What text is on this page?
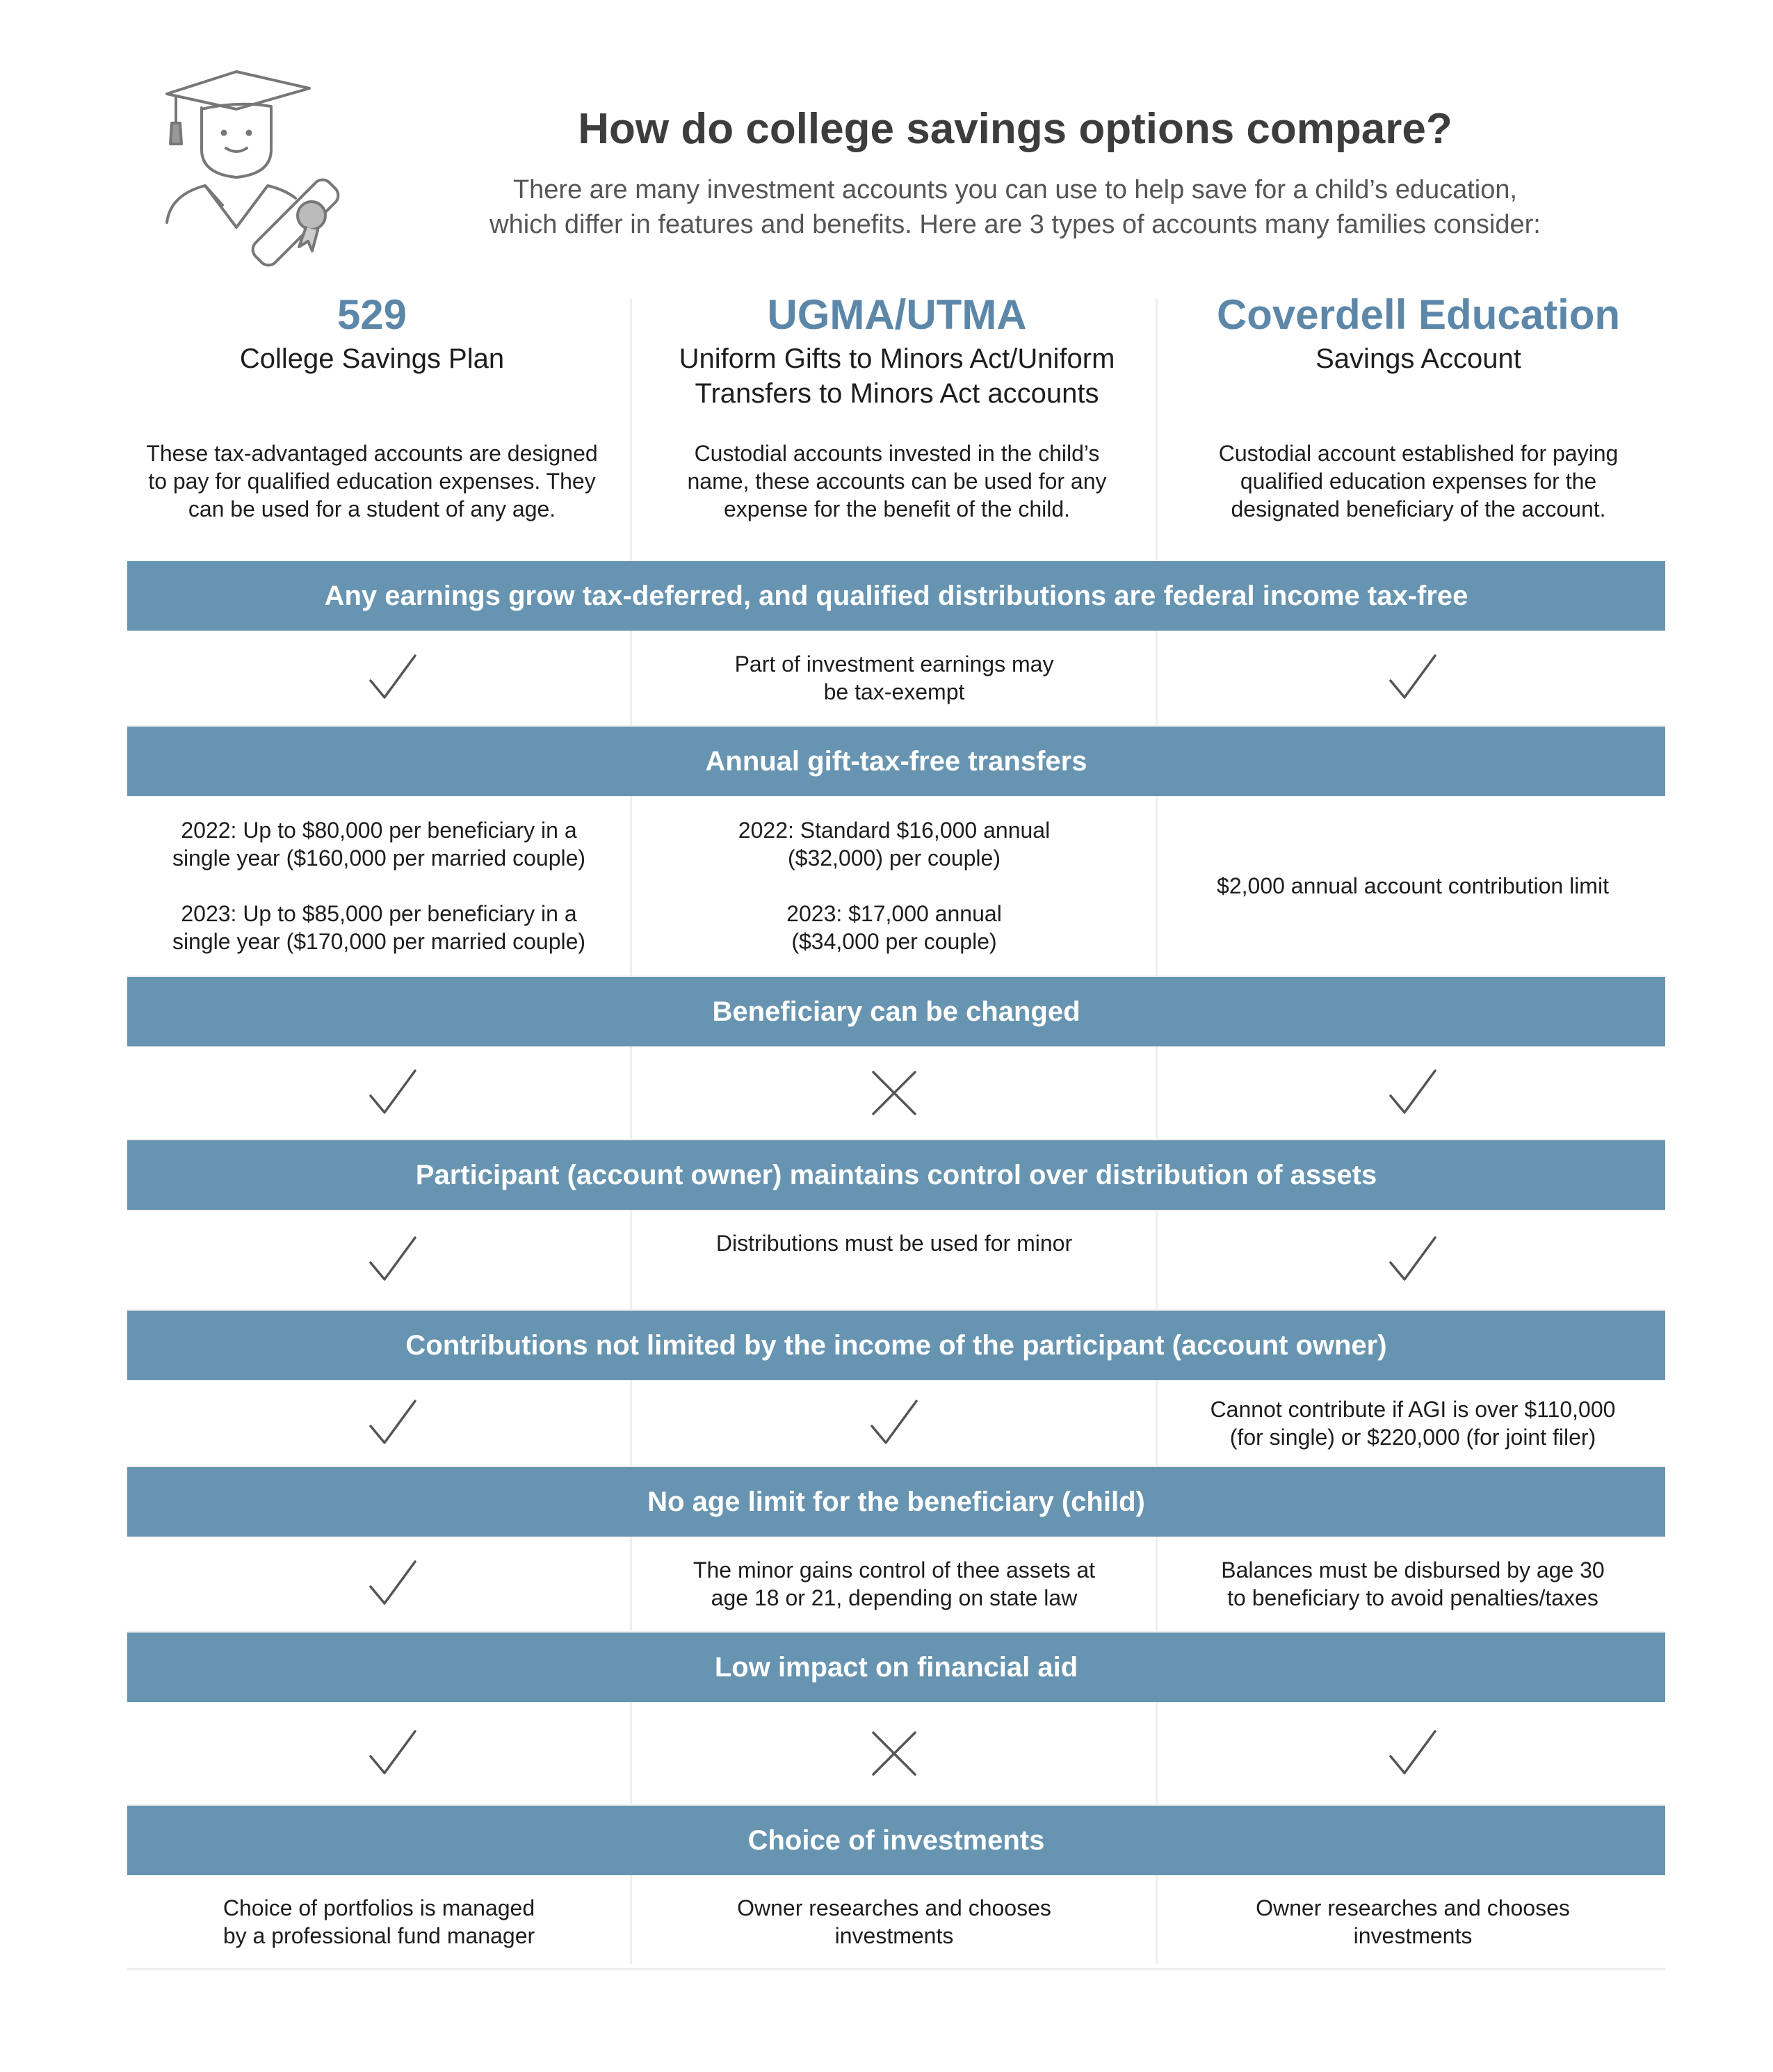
How do college savings options compare?
There are many investment accounts you can use to help save for a child’s education,
which differ in features and benefits. Here are 3 types of accounts many families consider:
529
College Savings Plan
UGMA/UTMA
Uniform Gifts to Minors Act/Uniform
Transfers to Minors Act accounts
Coverdell Education
Savings Account
These tax-advantaged accounts are designed
to pay for qualified education expenses. They
can be used for a student of any age.
Custodial accounts invested in the child’s
name, these accounts can be used for any
expense for the benefit of the child.
Custodial account established for paying
qualified education expenses for the
designated beneficiary of the account.
Any earnings grow tax-deferred, and qualified distributions are federal income tax-free
Part of investment earnings may
be tax-exempt
Annual gift-tax-free transfers
2022: Up to $80,000 per beneficiary in a
single year ($160,000 per married couple)
2023: Up to $85,000 per beneficiary in a
single year ($170,000 per married couple)
2022: Standard $16,000 annual
($32,000) per couple)
2023: $17,000 annual
($34,000 per couple)
$2,000 annual account contribution limit
Beneficiary can be changed
Participant (account owner) maintains control over distribution of assets
Distributions must be used for minor
Contributions not limited by the income of the participant (account owner)
Cannot contribute if AGI is over $110,000
(for single) or $220,000 (for joint filer)
No age limit for the beneficiary (child)
The minor gains control of thee assets at
age 18 or 21, depending on state law
Balances must be disbursed by age 30
to beneficiary to avoid penalties/taxes
Low impact on financial aid
Choice of investments
Choice of portfolios is managed
by a professional fund manager
Owner researches and chooses
investments
Owner researches and chooses
investments
